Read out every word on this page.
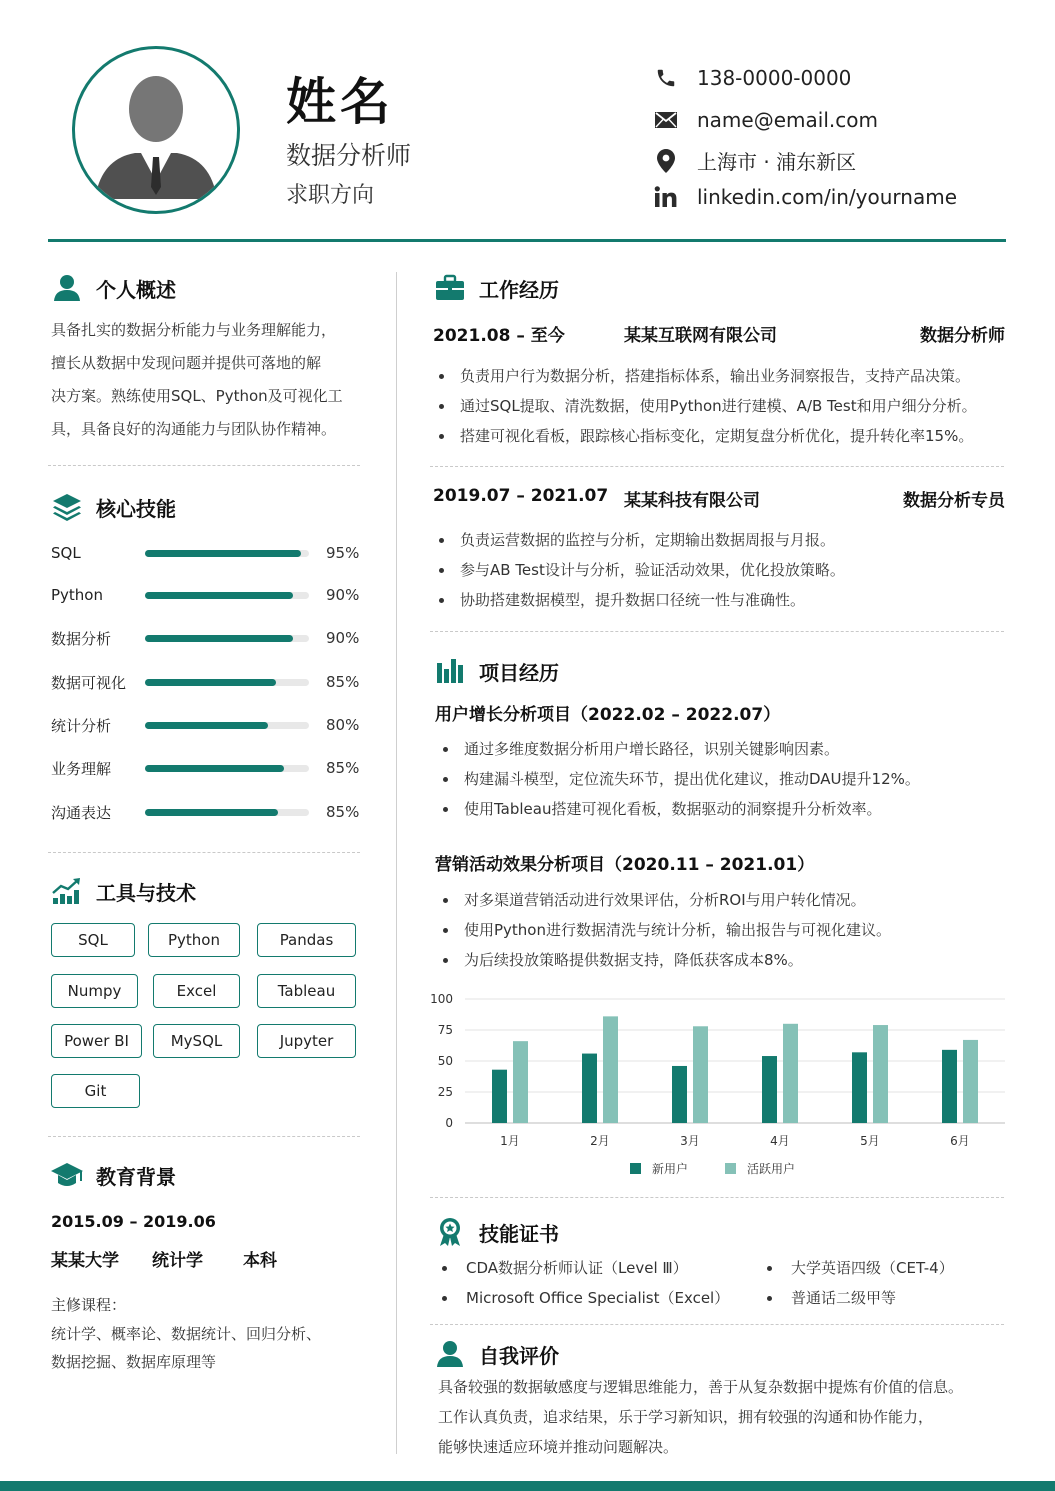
姓名
数据分析师
求职方向
138-0000-0000
name@email.com
上海市 · 浦东新区
linkedin.com/in/yourname
个人概述
具备扎实的数据分析能力与业务理解能力，
擅长从数据中发现问题并提供可落地的解
决方案。熟练使用SQL、Python及可视化工
具，具备良好的沟通能力与团队协作精神。
核心技能
SQL	95%
Python	90%
数据分析	90%
数据可视化	85%
统计分析	80%
业务理解	85%
沟通表达	85%
工具与技术
SQL	Python	Pandas
Numpy	Excel	Tableau
Power BI	MySQL	Jupyter
Git
教育背景
2015.09 – 2019.06
某某大学 统计学 本科
主修课程：
统计学、概率论、数据统计、回归分析、
数据挖掘、数据库原理等
工作经历
2021.08 – 至今	某某互联网有限公司	数据分析师
负责用户行为数据分析，搭建指标体系，输出业务洞察报告，支持产品决策。
通过SQL提取、清洗数据，使用Python进行建模、A/B Test和用户细分分析。
搭建可视化看板，跟踪核心指标变化，定期复盘分析优化，提升转化率15%。
2019.07 – 2021.07 某某科技有限公司	数据分析专员
负责运营数据的监控与分析，定期输出数据周报与月报。
参与AB Test设计与分析，验证活动效果，优化投放策略。
协助搭建数据模型，提升数据口径统一性与准确性。
项目经历
用户增长分析项目（2022.02 – 2022.07）
通过多维度数据分析用户增长路径，识别关键影响因素。
构建漏斗模型，定位流失环节，提出优化建议，推动DAU提升12%。
使用Tableau搭建可视化看板，数据驱动的洞察提升分析效率。
营销活动效果分析项目（2020.11 – 2021.01）
对多渠道营销活动进行效果评估，分析ROI与用户转化情况。
使用Python进行数据清洗与统计分析，输出报告与可视化建议。
为后续投放策略提供数据支持，降低获客成本8%。
0
25
50
75
100
1月	2月	3月	4月	5月	6月
新用户	活跃用户
技能证书
CDA数据分析师认证（Level Ⅲ）
Microsoft Office Specialist（Excel）
大学英语四级（CET-4）
普通话二级甲等
自我评价
具备较强的数据敏感度与逻辑思维能力，善于从复杂数据中提炼有价值的信息。
工作认真负责，追求结果，乐于学习新知识，拥有较强的沟通和协作能力，
能够快速适应环境并推动问题解决。
